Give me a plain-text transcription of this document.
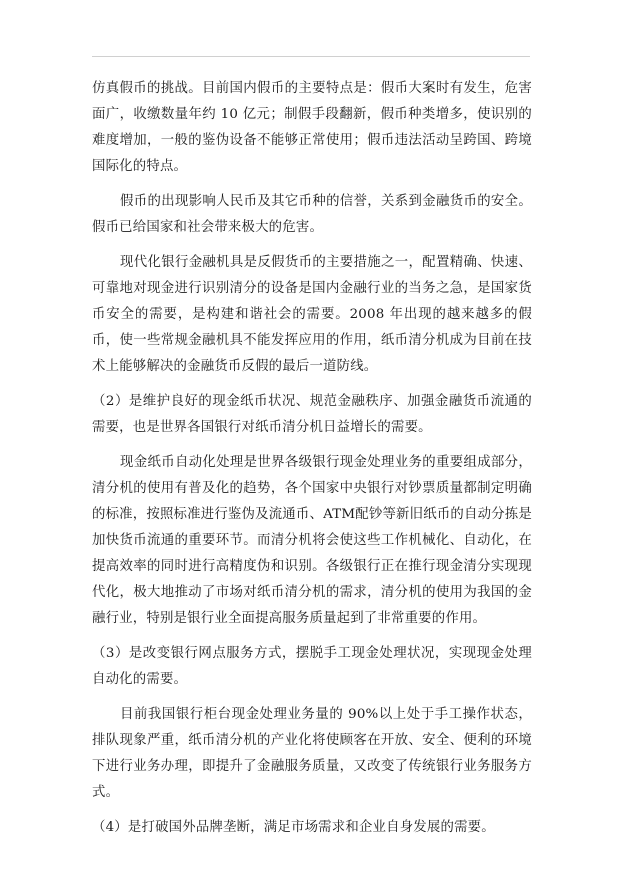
仿真假币的挑战。目前国内假币的主要特点是：假币大案时有发生，危害面广，收缴数量年约 10 亿元；制假手段翻新，假币种类增多，使识别的难度增加，一般的鉴伪设备不能够正常使用；假币违法活动呈跨国、跨境国际化的特点。

假币的出现影响人民币及其它币种的信誉，关系到金融货币的安全。假币已给国家和社会带来极大的危害。

现代化银行金融机具是反假货币的主要措施之一，配置精确、快速、可靠地对现金进行识别清分的设备是国内金融行业的当务之急，是国家货币安全的需要，是构建和谐社会的需要。2008 年出现的越来越多的假币，使一些常规金融机具不能发挥应用的作用，纸币清分机成为目前在技术上能够解决的金融货币反假的最后一道防线。

（2）是维护良好的现金纸币状况、规范金融秩序、加强金融货币流通的需要，也是世界各国银行对纸币清分机日益增长的需要。

现金纸币自动化处理是世界各级银行现金处理业务的重要组成部分，清分机的使用有普及化的趋势，各个国家中央银行对钞票质量都制定明确的标准，按照标准进行鉴伪及流通币、ATM配钞等新旧纸币的自动分拣是加快货币流通的重要环节。而清分机将会使这些工作机械化、自动化，在提高效率的同时进行高精度伪和识别。各级银行正在推行现金清分实现现代化，极大地推动了市场对纸币清分机的需求，清分机的使用为我国的金融行业，特别是银行业全面提高服务质量起到了非常重要的作用。

（3）是改变银行网点服务方式，摆脱手工现金处理状况，实现现金处理自动化的需要。

目前我国银行柜台现金处理业务量的 90%以上处于手工操作状态，排队现象严重，纸币清分机的产业化将使顾客在开放、安全、便利的环境下进行业务办理，即提升了金融服务质量，又改变了传统银行业务服务方式。

（4）是打破国外品牌垄断，满足市场需求和企业自身发展的需要。
